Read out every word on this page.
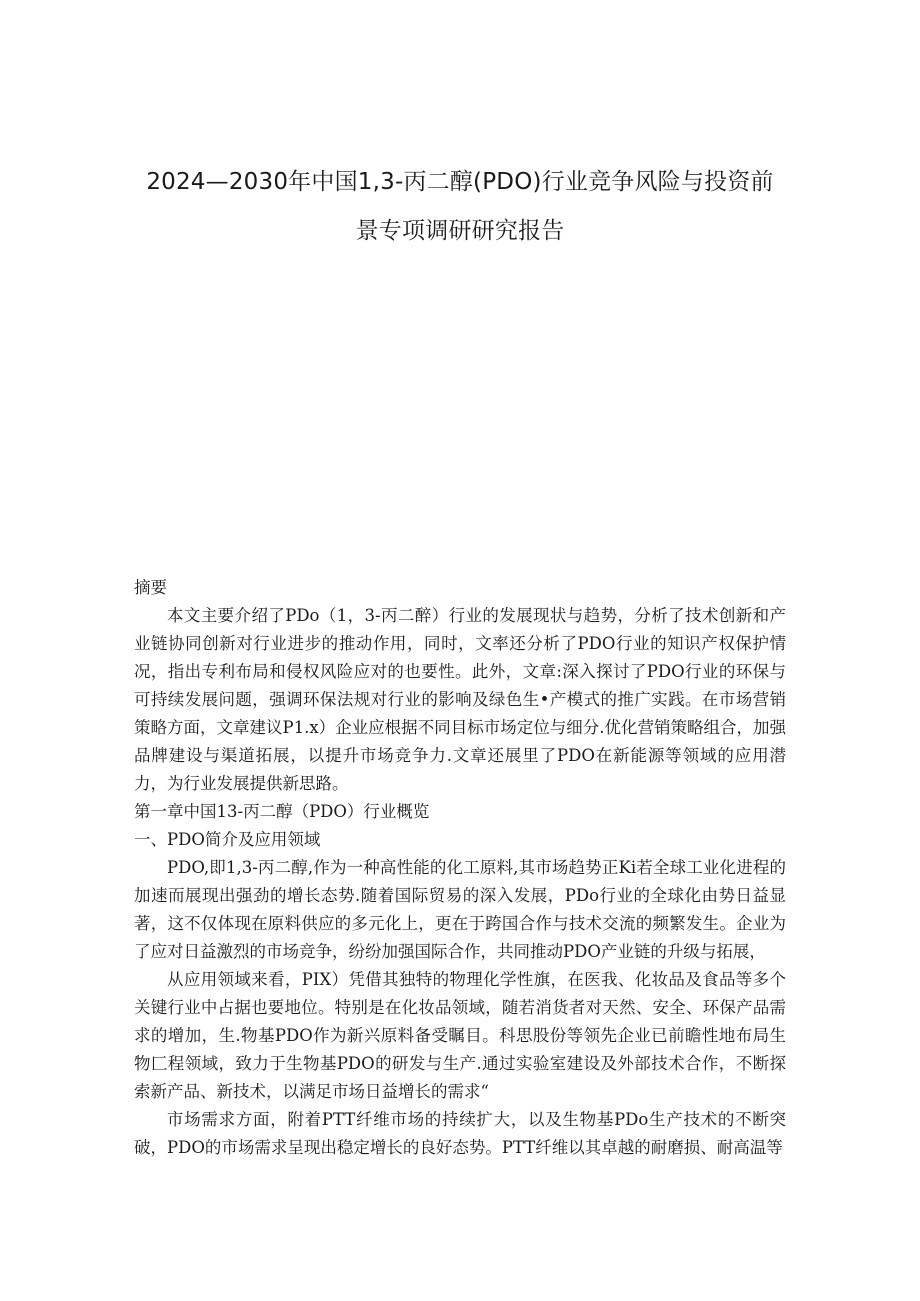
2024—2030年中国1,3-丙二醇(PDO)行业竞争风险与投资前
景专项调研研究报告

摘要

本文主要介绍了PDo（1，3-丙二醉）行业的发展现状与趋势，分析了技术创新和产业链协同创新对行业进步的推动作用，同时，文率还分析了PDO行业的知识产权保护情况，指出专利布局和侵权风险应对的也要性。此外，文章:深入探讨了PDO行业的环保与可持续发展问题，强调环保法规对行业的影响及绿色生•产模式的推广实践。在市场营销策略方面，文章建议P1.x）企业应根据不同目标市场定位与细分.优化营销策略组合，加强品牌建设与渠道拓展，以提升市场竞争力.文章还展里了PDO在新能源等领域的应用潜力，为行业发展提供新思路。

第一章中国13-丙二醇（PDO）行业概览

一、PDO简介及应用领域

PDO,即1,3-丙二醇,作为一种高性能的化工原料,其市场趋势正Ki若全球工业化进程的加速而展现出强劲的增长态势.随着国际贸易的深入发展，PDo行业的全球化由势日益显著，这不仅体现在原料供应的多元化上，更在于跨国合作与技术交流的频繁发生。企业为了应对日益激烈的市场竞争，纷纷加强国际合作，共同推动PDO产业链的升级与拓展，

从应用领域来看，PIX）凭借其独特的物理化学性旗，在医我、化妆品及食品等多个关键行业中占据也要地位。特别是在化妆品领域，随若消货者对天然、安全、环保产品需求的增加，生.物基PDO作为新兴原料备受瞩目。科思股份等领先企业已前瞻性地布局生物匚程领域，致力于生物基PDO的研发与生产.通过实验室建设及外部技术合作，不断探索新产品、新技术，以满足市场日益增长的需求“

市场需求方面，附着PTT纤维市场的持续扩大，以及生物基PDo生产技术的不断突破，PDO的市场需求呈现出稳定增长的良好态势。PTT纤维以其卓越的耐磨损、耐高温等
